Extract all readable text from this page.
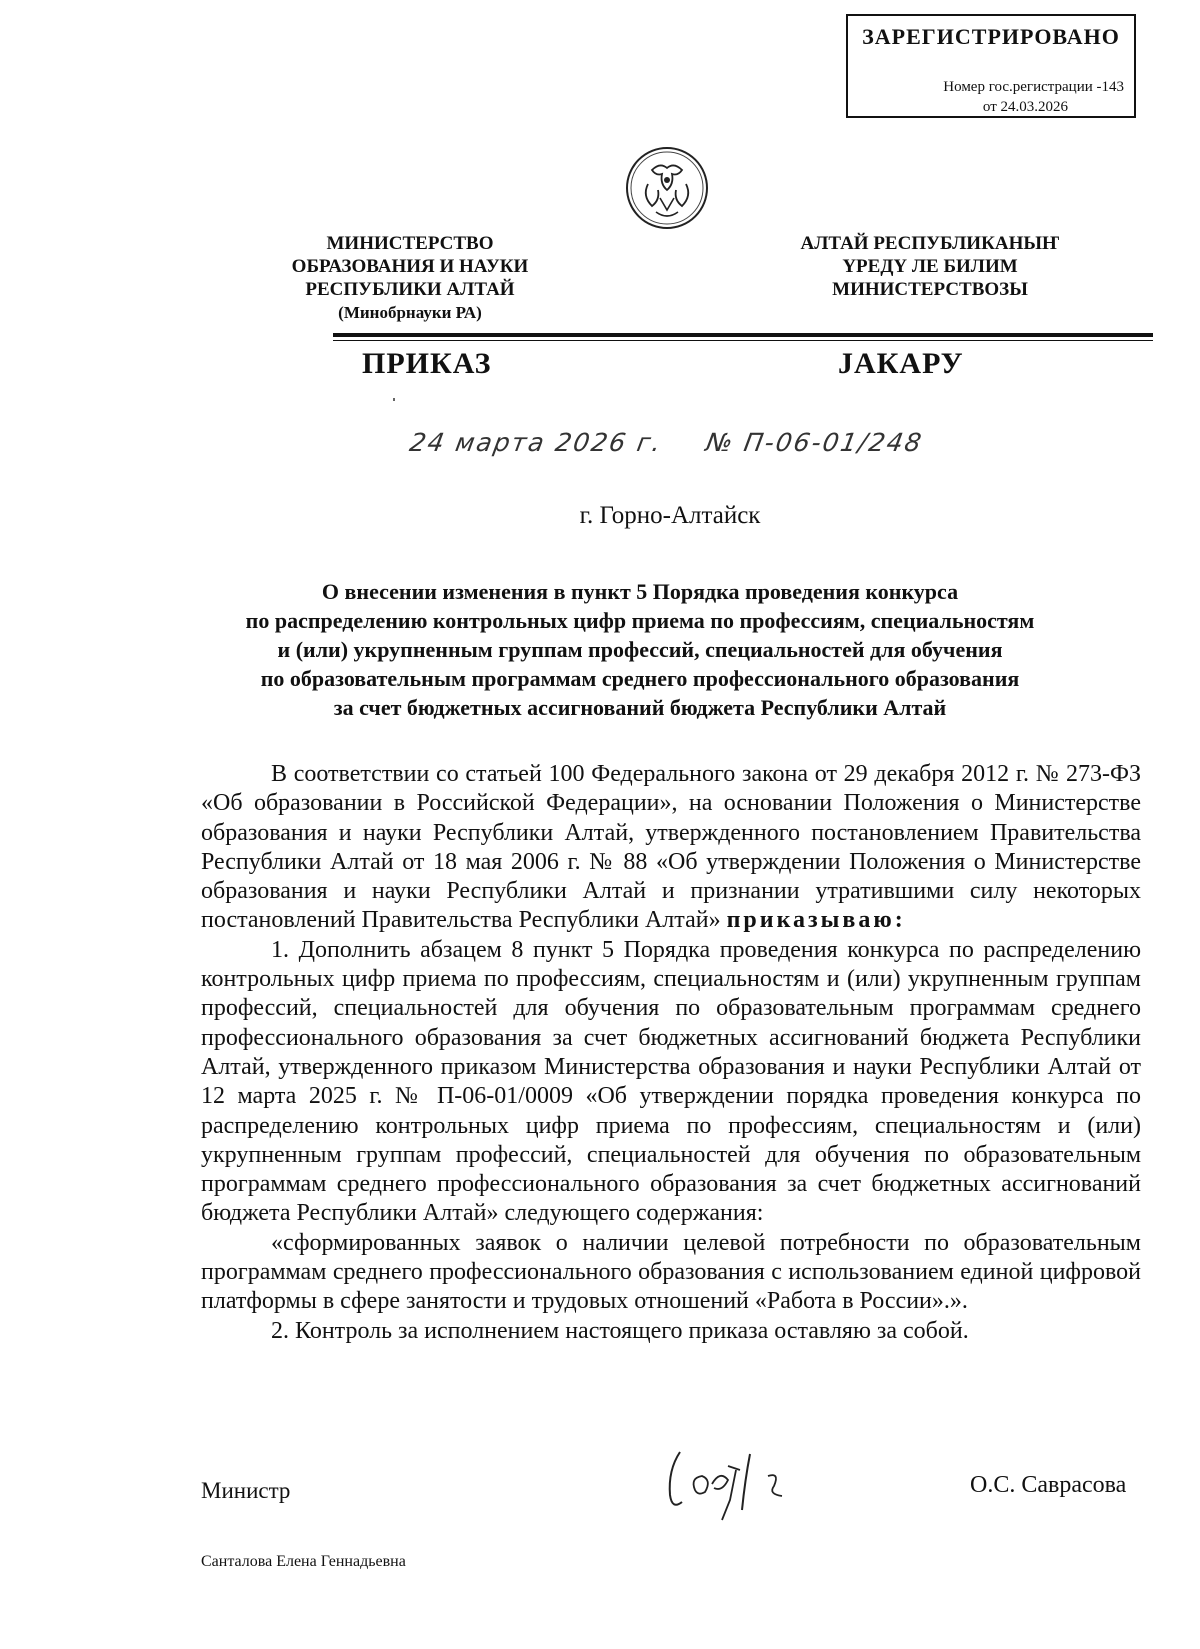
ЗАРЕГИСТРИРОВАНО
Номер гос.регистрации -143
от 24.03.2026
МИНИСТЕРСТВО
ОБРАЗОВАНИЯ И НАУКИ
РЕСПУБЛИКИ АЛТАЙ
(Минобрнауки РА)
АЛТАЙ РЕСПУБЛИКАНЫҤ
ҮРЕДҮ ЛЕ БИЛИМ
МИНИСТЕРСТВОЗЫ
ПРИКАЗ	JАКАРУ
24 марта 2026 г. № П-06-01/248
г. Горно-Алтайск
О внесении изменения в пункт 5 Порядка проведения конкурса
по распределению контрольных цифр приема по профессиям, специальностям
и (или) укрупненным группам профессий, специальностей для обучения
по образовательным программам среднего профессионального образования
за счет бюджетных ассигнований бюджета Республики Алтай

В соответствии со статьей 100 Федерального закона от 29 декабря 2012 г. № 273-ФЗ «Об образовании в Российской Федерации», на основании Положения о Министерстве образования и науки Республики Алтай, утвержденного постановлением Правительства Республики Алтай от 18 мая 2006 г. № 88 «Об утверждении Положения о Министерстве образования и науки Республики Алтай и признании утратившими силу некоторых постановлений Правительства Республики Алтай» приказываю:

1. Дополнить абзацем 8 пункт 5 Порядка проведения конкурса по распределению контрольных цифр приема по профессиям, специальностям и (или) укрупненным группам профессий, специальностей для обучения по образовательным программам среднего профессионального образования за счет бюджетных ассигнований бюджета Республики Алтай, утвержденного приказом Министерства образования и науки Республики Алтай от 12 марта 2025 г. № П-06-01/0009 «Об утверждении порядка проведения конкурса по распределению контрольных цифр приема по профессиям, специальностям и (или) укрупненным группам профессий, специальностей для обучения по образовательным программам среднего профессионального образования за счет бюджетных ассигнований бюджета Республики Алтай» следующего содержания:

«сформированных заявок о наличии целевой потребности по образовательным программам среднего профессионального образования с использованием единой цифровой платформы в сфере занятости и трудовых отношений «Работа в России».».

2. Контроль за исполнением настоящего приказа оставляю за собой.

Министр	О.С. Саврасова
Санталова Елена Геннадьевна
